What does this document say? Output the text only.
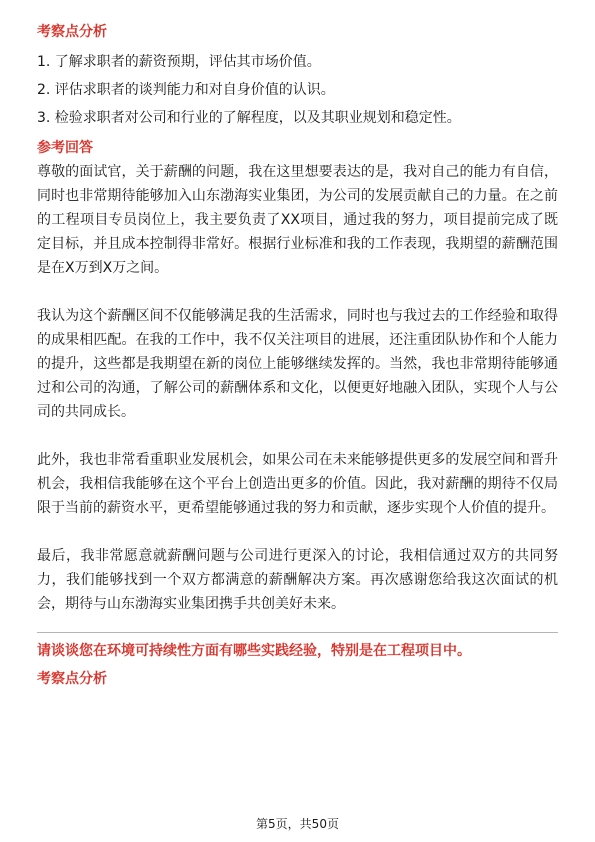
考察点分析

1. 了解求职者的薪资预期，评估其市场价值。

2. 评估求职者的谈判能力和对自身价值的认识。

3. 检验求职者对公司和行业的了解程度，以及其职业规划和稳定性。

参考回答

尊敬的面试官，关于薪酬的问题，我在这里想要表达的是，我对自己的能力有自信，同时也非常期待能够加入山东渤海实业集团，为公司的发展贡献自己的力量。在之前的工程项目专员岗位上，我主要负责了XX项目，通过我的努力，项目提前完成了既定目标，并且成本控制得非常好。根据行业标准和我的工作表现，我期望的薪酬范围是在X万到X万之间。

我认为这个薪酬区间不仅能够满足我的生活需求，同时也与我过去的工作经验和取得的成果相匹配。在我的工作中，我不仅关注项目的进展，还注重团队协作和个人能力的提升，这些都是我期望在新的岗位上能够继续发挥的。当然，我也非常期待能够通过和公司的沟通，了解公司的薪酬体系和文化，以便更好地融入团队，实现个人与公司的共同成长。

此外，我也非常看重职业发展机会，如果公司在未来能够提供更多的发展空间和晋升机会，我相信我能够在这个平台上创造出更多的价值。因此，我对薪酬的期待不仅局限于当前的薪资水平，更希望能够通过我的努力和贡献，逐步实现个人价值的提升。

最后，我非常愿意就薪酬问题与公司进行更深入的讨论，我相信通过双方的共同努力，我们能够找到一个双方都满意的薪酬解决方案。再次感谢您给我这次面试的机会，期待与山东渤海实业集团携手共创美好未来。

请谈谈您在环境可持续性方面有哪些实践经验，特别是在工程项目中。

考察点分析

第5页，共50页
